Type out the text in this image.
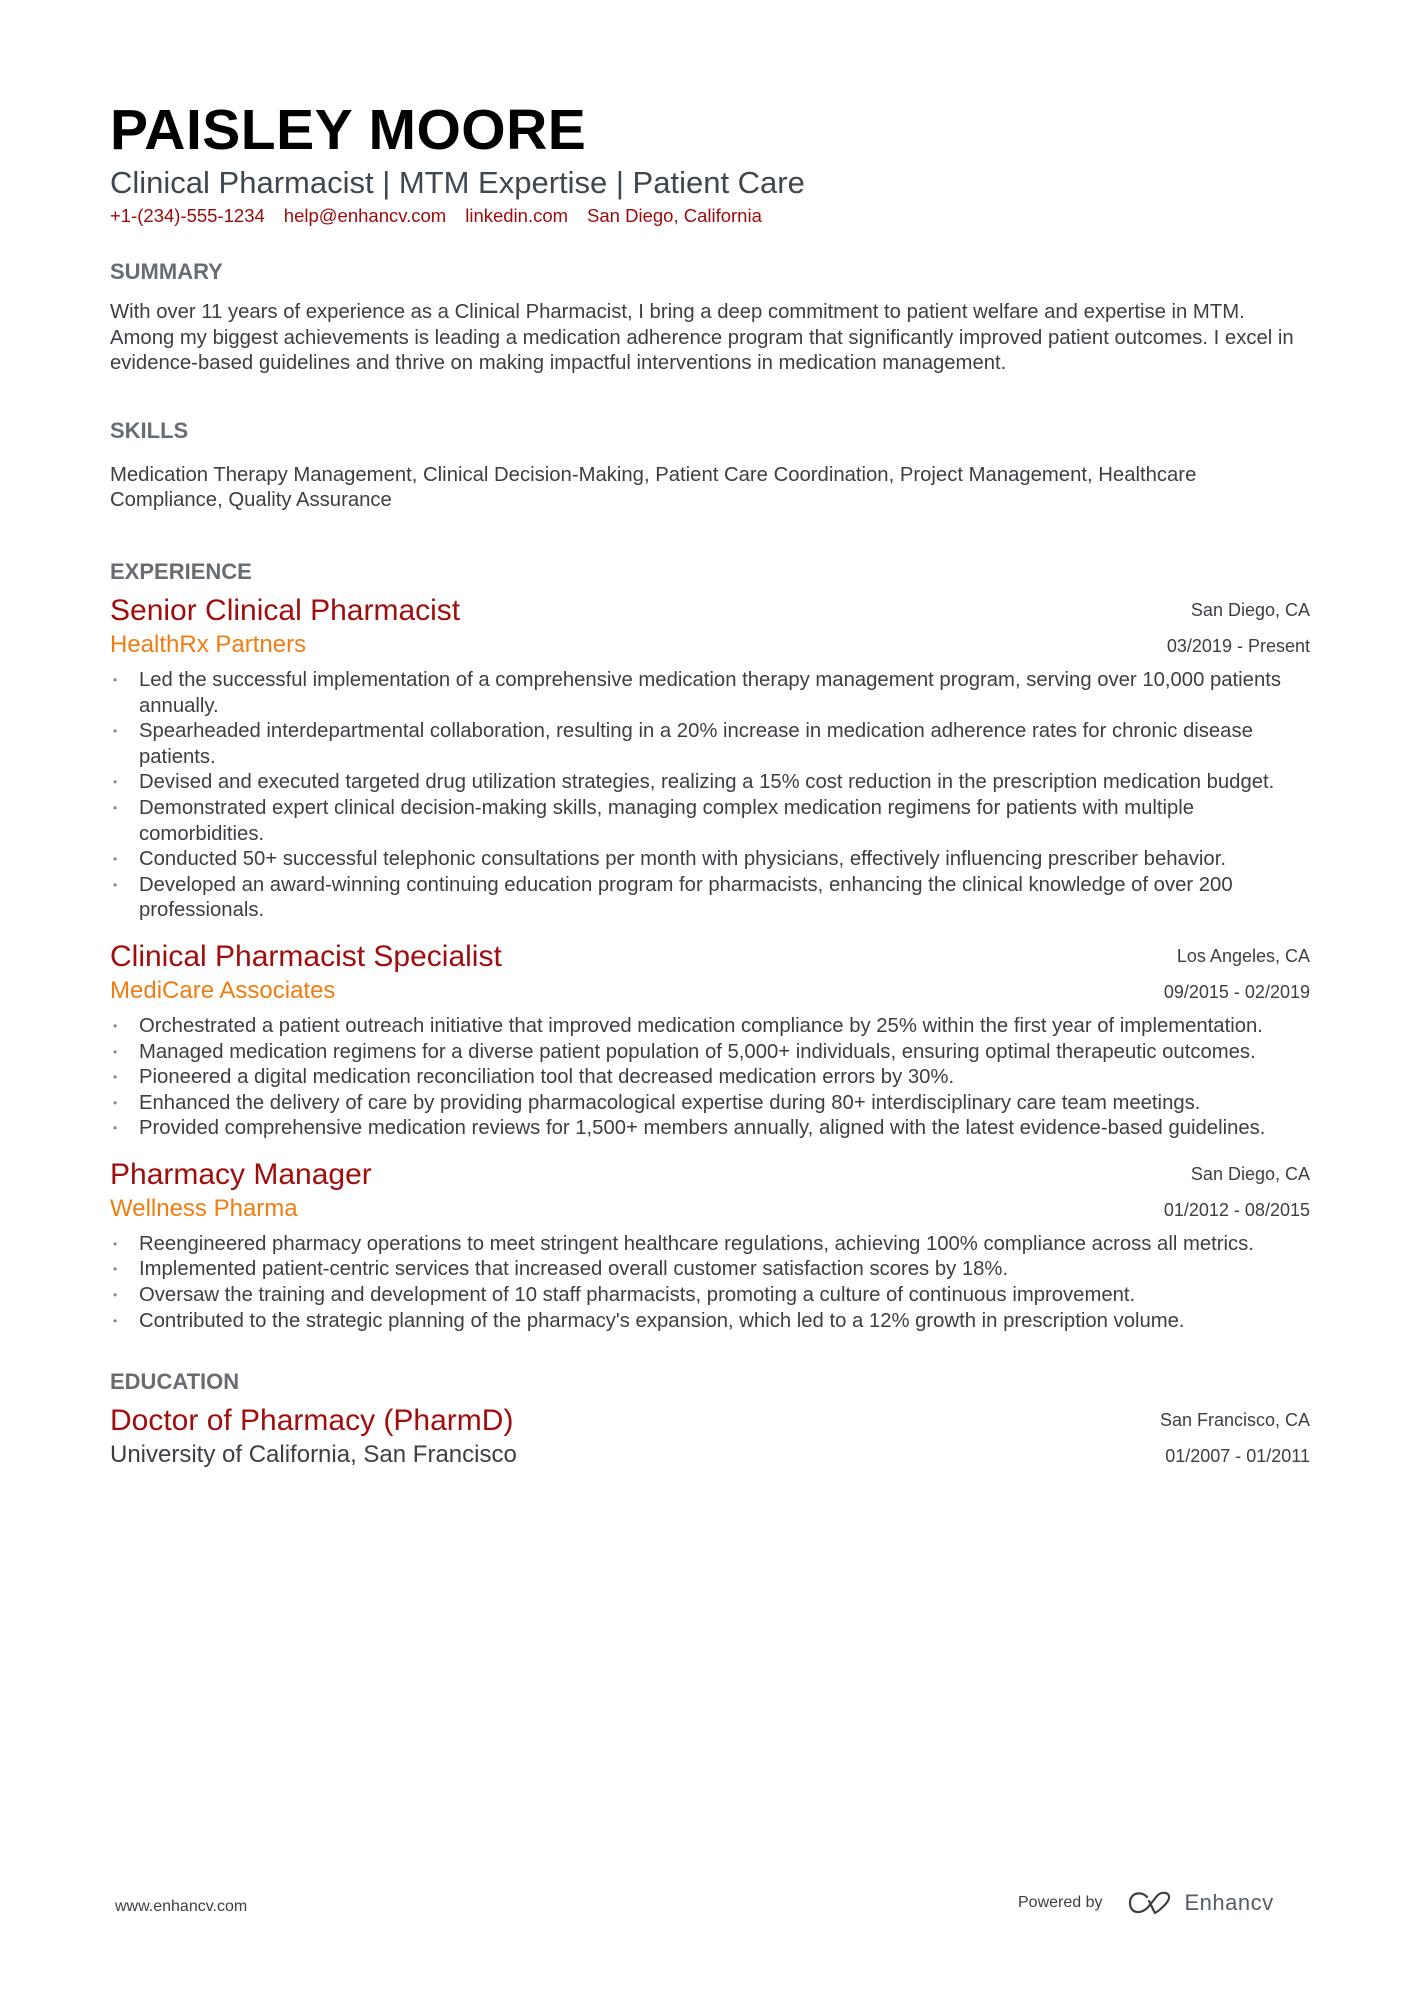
PAISLEY MOORE
Clinical Pharmacist | MTM Expertise | Patient Care
+1-(234)-555-1234 help@enhancv.com linkedin.com San Diego, California
SUMMARY
With over 11 years of experience as a Clinical Pharmacist, I bring a deep commitment to patient welfare and expertise in MTM. Among my biggest achievements is leading a medication adherence program that significantly improved patient outcomes. I excel in evidence-based guidelines and thrive on making impactful interventions in medication management.
SKILLS
Medication Therapy Management, Clinical Decision-Making, Patient Care Coordination, Project Management, Healthcare Compliance, Quality Assurance
EXPERIENCE
Senior Clinical Pharmacist
HealthRx Partners
San Diego, CA
03/2019 - Present
• Led the successful implementation of a comprehensive medication therapy management program, serving over 10,000 patients annually.
• Spearheaded interdepartmental collaboration, resulting in a 20% increase in medication adherence rates for chronic disease patients.
• Devised and executed targeted drug utilization strategies, realizing a 15% cost reduction in the prescription medication budget.
• Demonstrated expert clinical decision-making skills, managing complex medication regimens for patients with multiple comorbidities.
• Conducted 50+ successful telephonic consultations per month with physicians, effectively influencing prescriber behavior.
• Developed an award-winning continuing education program for pharmacists, enhancing the clinical knowledge of over 200 professionals.
Clinical Pharmacist Specialist
MediCare Associates
Los Angeles, CA
09/2015 - 02/2019
• Orchestrated a patient outreach initiative that improved medication compliance by 25% within the first year of implementation.
• Managed medication regimens for a diverse patient population of 5,000+ individuals, ensuring optimal therapeutic outcomes.
• Pioneered a digital medication reconciliation tool that decreased medication errors by 30%.
• Enhanced the delivery of care by providing pharmacological expertise during 80+ interdisciplinary care team meetings.
• Provided comprehensive medication reviews for 1,500+ members annually, aligned with the latest evidence-based guidelines.
Pharmacy Manager
Wellness Pharma
San Diego, CA
01/2012 - 08/2015
• Reengineered pharmacy operations to meet stringent healthcare regulations, achieving 100% compliance across all metrics.
• Implemented patient-centric services that increased overall customer satisfaction scores by 18%.
• Oversaw the training and development of 10 staff pharmacists, promoting a culture of continuous improvement.
• Contributed to the strategic planning of the pharmacy's expansion, which led to a 12% growth in prescription volume.
EDUCATION
Doctor of Pharmacy (PharmD)
University of California, San Francisco
San Francisco, CA
01/2007 - 01/2011
www.enhancv.com	Powered by	Enhancv
